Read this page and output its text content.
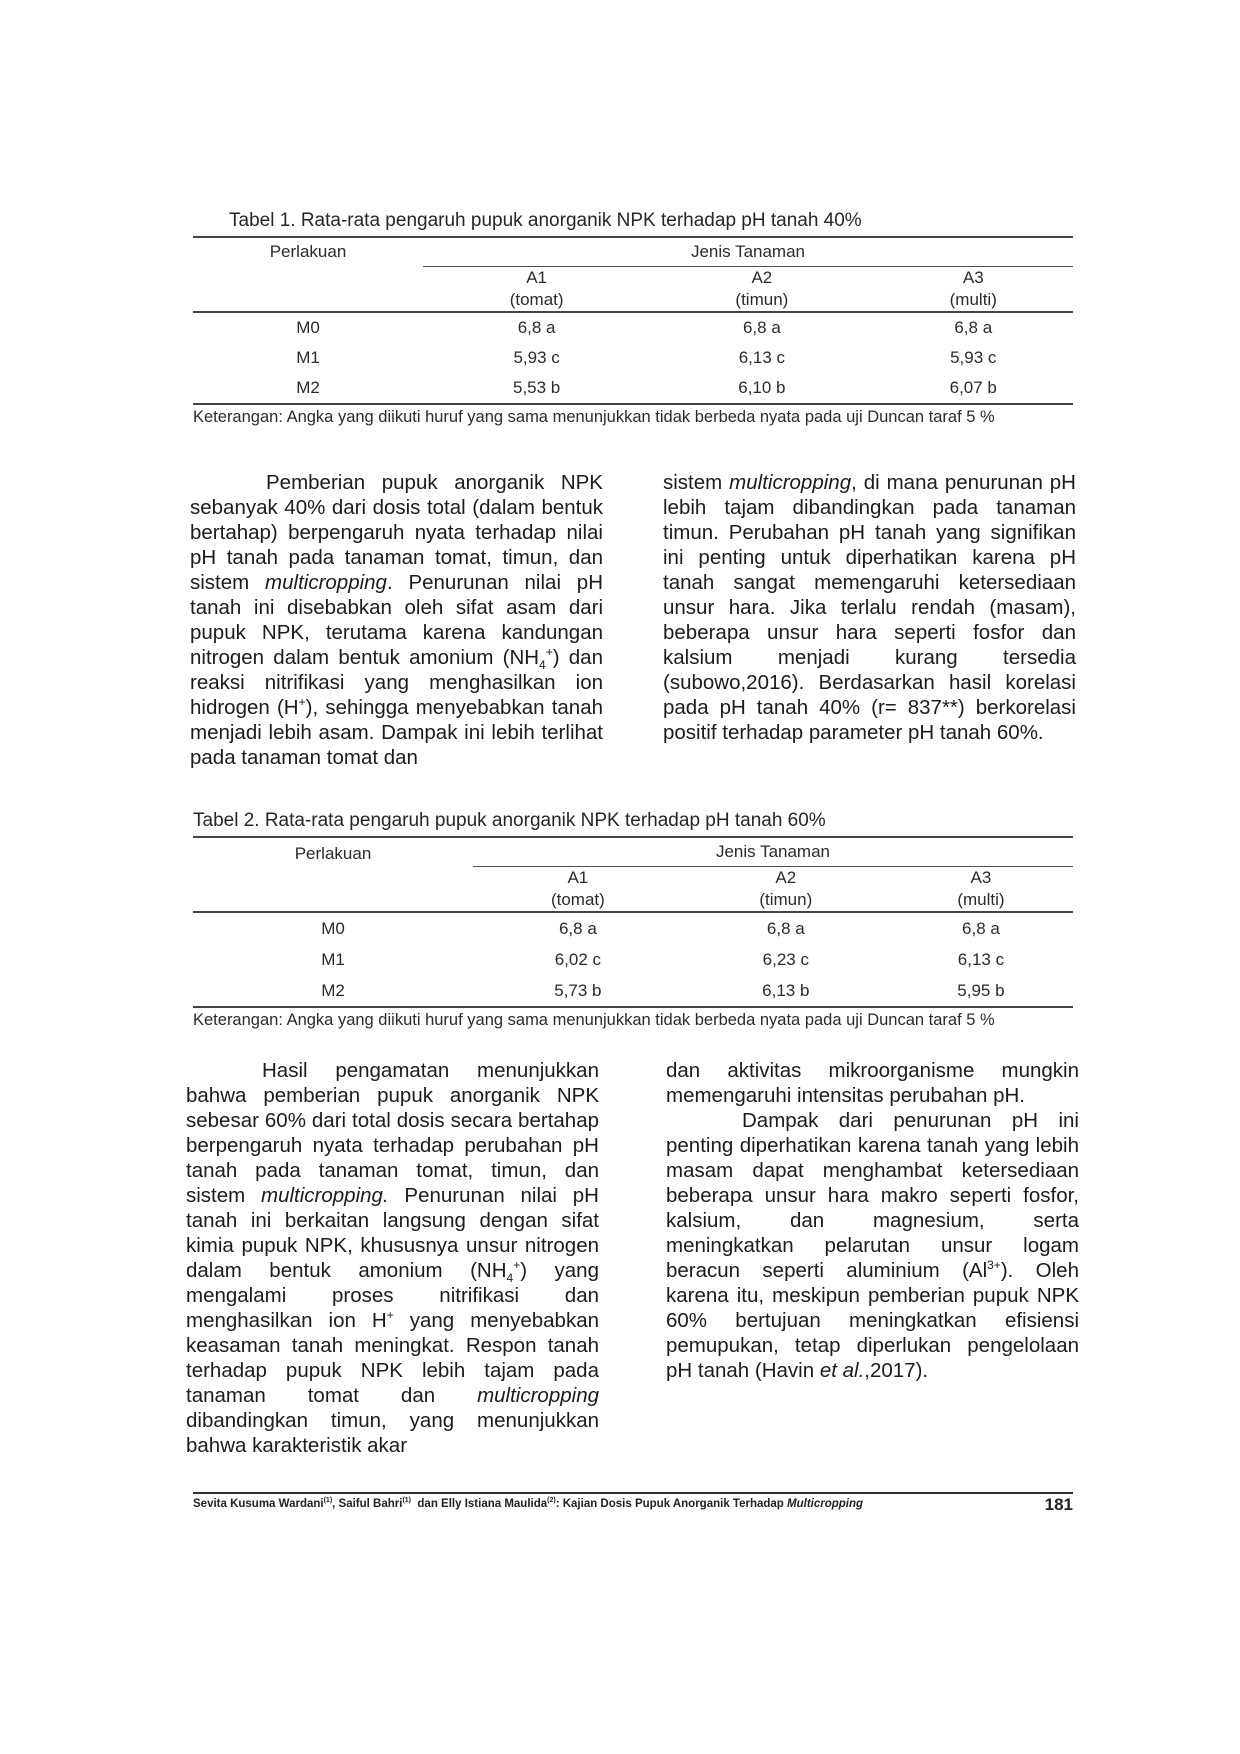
Tabel 1. Rata-rata pengaruh pupuk anorganik NPK terhadap pH tanah 40%
Perlakuan	Jenis Tanaman		
	A1	A2	A3
	(tomat)	(timun)	(multi)
M0	6,8 a	6,8 a	6,8 a
M1	5,93 c	6,13 c	5,93 c
M2	5,53 b	6,10 b	6,07 b
Keterangan: Angka yang diikuti huruf yang sama menunjukkan tidak berbeda nyata pada uji Duncan taraf 5 %

Pemberian pupuk anorganik NPK sebanyak 40% dari dosis total (dalam bentuk bertahap) berpengaruh nyata terhadap nilai pH tanah pada tanaman tomat, timun, dan sistem multicropping. Penurunan nilai pH tanah ini disebabkan oleh sifat asam dari pupuk NPK, terutama karena kandungan nitrogen dalam bentuk amonium $(NH_4^+)$ dan reaksi nitrifikasi yang menghasilkan ion hidrogen (H+), sehingga menyebabkan tanah menjadi lebih asam. Dampak ini lebih terlihat pada tanaman tomat dan

sistem multicropping, di mana penurunan pH lebih tajam dibandingkan pada tanaman timun. Perubahan pH tanah yang signifikan ini penting untuk diperhatikan karena pH tanah sangat memengaruhi ketersediaan unsur hara. Jika terlalu rendah (masam), beberapa unsur hara seperti fosfor dan kalsium menjadi kurang tersedia (subowo,2016). Berdasarkan hasil korelasi pada pH tanah 40% (r= 837**) berkorelasi positif terhadap parameter pH tanah 60%.

Tabel 2. Rata-rata pengaruh pupuk anorganik NPK terhadap pH tanah 60%
Perlakuan	Jenis Tanaman		
	A1	A2	A3
	(tomat)	(timun)	(multi)
M0	6,8 a	6,8 a	6,8 a
M1	6,02 c	6,23 c	6,13 c
M2	5,73 b	6,13 b	5,95 b
Keterangan: Angka yang diikuti huruf yang sama menunjukkan tidak berbeda nyata pada uji Duncan taraf 5 %

Hasil pengamatan menunjukkan bahwa pemberian pupuk anorganik NPK sebesar 60% dari total dosis secara bertahap berpengaruh nyata terhadap perubahan pH tanah pada tanaman tomat, timun, dan sistem multicropping. Penurunan nilai pH tanah ini berkaitan langsung dengan sifat kimia pupuk NPK, khususnya unsur nitrogen dalam bentuk amonium $(NH_4^+)$ yang mengalami proses nitrifikasi dan menghasilkan ion H+ yang menyebabkan keasaman tanah meningkat. Respon tanah terhadap pupuk NPK lebih tajam pada tanaman tomat dan multicropping dibandingkan timun, yang menunjukkan bahwa karakteristik akar

dan aktivitas mikroorganisme mungkin memengaruhi intensitas perubahan pH.

Dampak dari penurunan pH ini penting diperhatikan karena tanah yang lebih masam dapat menghambat ketersediaan beberapa unsur hara makro seperti fosfor, kalsium, dan magnesium, serta meningkatkan pelarutan unsur logam beracun seperti aluminium $(Al^{3+})$. Oleh karena itu, meskipun pemberian pupuk NPK 60% bertujuan meningkatkan efisiensi pemupukan, tetap diperlukan pengelolaan pH tanah (Havin et al.,2017).

Sevita Kusuma Wardani$^{(1)}$, Saiful Bahri$^{(1)}$  dan Elly Istiana Maulida$^{(2)}$: Kajian Dosis Pupuk Anorganik Terhadap Multicropping	181
